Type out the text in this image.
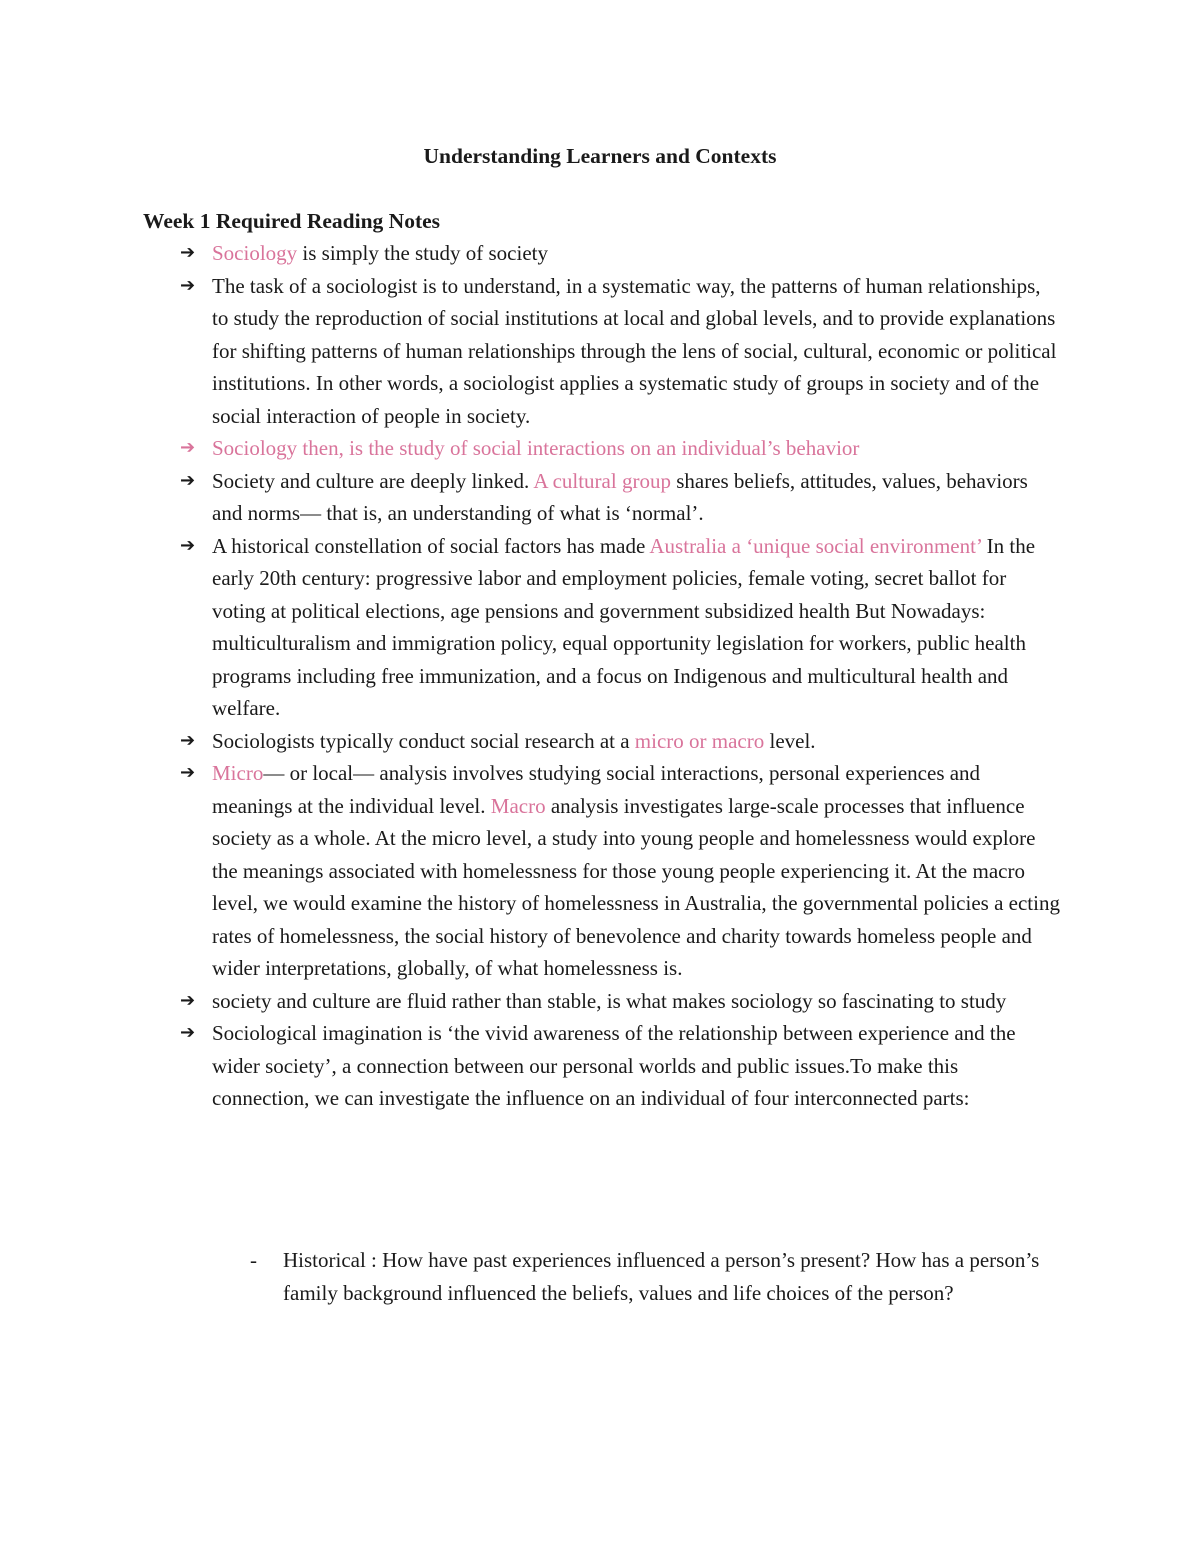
Understanding Learners and Contexts
Week 1 Required Reading Notes
➔ Sociology is simply the study of society
➔ The task of a sociologist is to understand, in a systematic way, the patterns of human relationships, to study the reproduction of social institutions at local and global levels, and to provide explanations for shifting patterns of human relationships through the lens of social, cultural, economic or political institutions. In other words, a sociologist applies a systematic study of groups in society and of the social interaction of people in society.
➔ Sociology then, is the study of social interactions on an individual’s behavior
➔ Society and culture are deeply linked. A cultural group shares beliefs, attitudes, values, behaviors and norms— that is, an understanding of what is ‘normal’.
➔ A historical constellation of social factors has made Australia a ‘unique social environment’ In the early 20th century: progressive labor and employment policies, female voting, secret ballot for voting at political elections, age pensions and government subsidized health But Nowadays: multiculturalism and immigration policy, equal opportunity legislation for workers, public health programs including free immunization, and a focus on Indigenous and multicultural health and welfare.
➔ Sociologists typically conduct social research at a micro or macro level.
➔ Micro— or local— analysis involves studying social interactions, personal experiences and meanings at the individual level. Macro analysis investigates large-scale processes that influence society as a whole. At the micro level, a study into young people and homelessness would explore the meanings associated with homelessness for those young people experiencing it. At the macro level, we would examine the history of homelessness in Australia, the governmental policies a ecting rates of homelessness, the social history of benevolence and charity towards homeless people and wider interpretations, globally, of what homelessness is.
➔ society and culture are fluid rather than stable, is what makes sociology so fascinating to study
➔ Sociological imagination is ‘the vivid awareness of the relationship between experience and the wider society’, a connection between our personal worlds and public issues.To make this connection, we can investigate the influence on an individual of four interconnected parts:
- Historical : How have past experiences influenced a person’s present? How has a person’s family background influenced the beliefs, values and life choices of the person?
